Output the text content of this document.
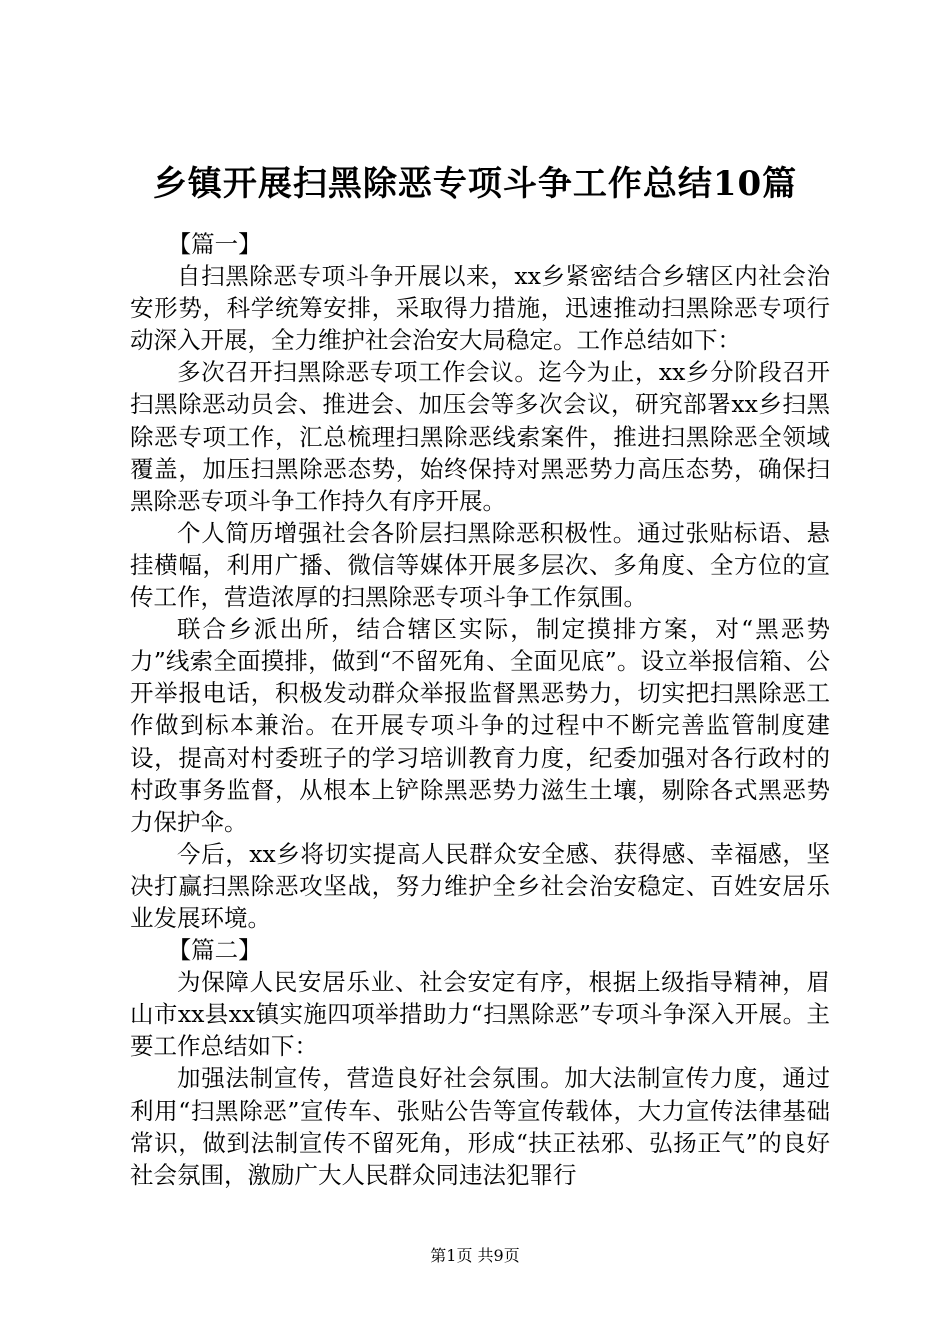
乡镇开展扫黑除恶专项斗争工作总结10篇

【篇一】

自扫黑除恶专项斗争开展以来，xx乡紧密结合乡辖区内社会治安形势，科学统筹安排，采取得力措施，迅速推动扫黑除恶专项行动深入开展，全力维护社会治安大局稳定。工作总结如下：

多次召开扫黑除恶专项工作会议。迄今为止，xx乡分阶段召开扫黑除恶动员会、推进会、加压会等多次会议，研究部署xx乡扫黑除恶专项工作，汇总梳理扫黑除恶线索案件，推进扫黑除恶全领域覆盖，加压扫黑除恶态势，始终保持对黑恶势力高压态势，确保扫黑除恶专项斗争工作持久有序开展。

个人简历增强社会各阶层扫黑除恶积极性。通过张贴标语、悬挂横幅，利用广播、微信等媒体开展多层次、多角度、全方位的宣传工作，营造浓厚的扫黑除恶专项斗争工作氛围。

联合乡派出所，结合辖区实际，制定摸排方案，对“黑恶势力”线索全面摸排，做到“不留死角、全面见底”。设立举报信箱、公开举报电话，积极发动群众举报监督黑恶势力，切实把扫黑除恶工作做到标本兼治。在开展专项斗争的过程中不断完善监管制度建设，提高对村委班子的学习培训教育力度，纪委加强对各行政村的村政事务监督，从根本上铲除黑恶势力滋生土壤，剔除各式黑恶势力保护伞。

今后，xx乡将切实提高人民群众安全感、获得感、幸福感，坚决打赢扫黑除恶攻坚战，努力维护全乡社会治安稳定、百姓安居乐业发展环境。

【篇二】

为保障人民安居乐业、社会安定有序，根据上级指导精神，眉山市xx县xx镇实施四项举措助力“扫黑除恶”专项斗争深入开展。主要工作总结如下：

加强法制宣传，营造良好社会氛围。加大法制宣传力度，通过利用“扫黑除恶”宣传车、张贴公告等宣传载体，大力宣传法律基础常识，做到法制宣传不留死角，形成“扶正祛邪、弘扬正气”的良好社会氛围，激励广大人民群众同违法犯罪行

第1页 共9页
